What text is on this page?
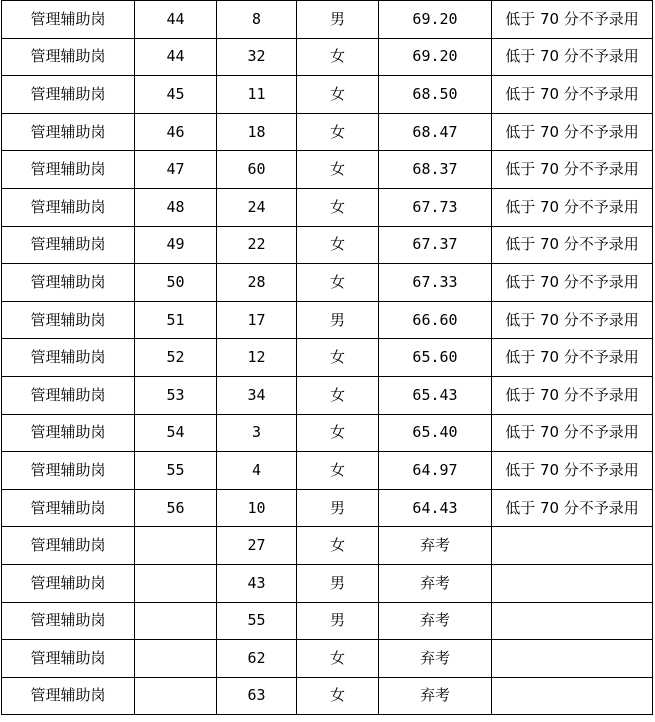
管理辅助岗	44	8	男	69.20	低于 70 分不予录用
管理辅助岗	44	32	女	69.20	低于 70 分不予录用
管理辅助岗	45	11	女	68.50	低于 70 分不予录用
管理辅助岗	46	18	女	68.47	低于 70 分不予录用
管理辅助岗	47	60	女	68.37	低于 70 分不予录用
管理辅助岗	48	24	女	67.73	低于 70 分不予录用
管理辅助岗	49	22	女	67.37	低于 70 分不予录用
管理辅助岗	50	28	女	67.33	低于 70 分不予录用
管理辅助岗	51	17	男	66.60	低于 70 分不予录用
管理辅助岗	52	12	女	65.60	低于 70 分不予录用
管理辅助岗	53	34	女	65.43	低于 70 分不予录用
管理辅助岗	54	3	女	65.40	低于 70 分不予录用
管理辅助岗	55	4	女	64.97	低于 70 分不予录用
管理辅助岗	56	10	男	64.43	低于 70 分不予录用
管理辅助岗		27	女	弃考	
管理辅助岗		43	男	弃考	
管理辅助岗		55	男	弃考	
管理辅助岗		62	女	弃考	
管理辅助岗		63	女	弃考	
